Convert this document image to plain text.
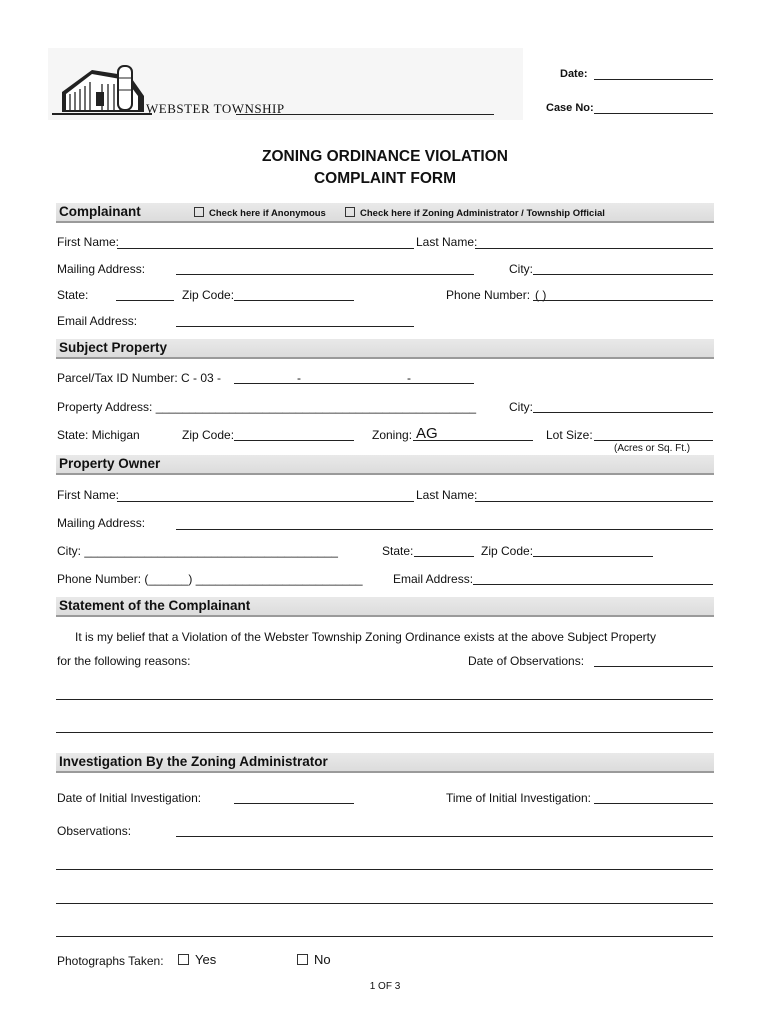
WEBSTER TOWNSHIP
Date:
Case No:
ZONING ORDINANCE VIOLATION
COMPLAINT FORM
Complainant	Check here if Anonymous	Check here if Zoning Administrator / Township Official
First Name:	Last Name:
Mailing Address:	City:
State:	Zip Code:	Phone Number: ( )
Email Address:
Subject Property
Parcel/Tax ID Number: C - 03 -	-	-
Property Address: ________________________________________________	City:
State: Michigan	Zip Code:	Zoning: AG	Lot Size:
(Acres or Sq. Ft.)
Property Owner
First Name:	Last Name:
Mailing Address:
City: ______________________________________	State:	Zip Code:
Phone Number: (______) _________________________	Email Address:
Statement of the Complainant
It is my belief that a Violation of the Webster Township Zoning Ordinance exists at the above Subject Property
for the following reasons:	Date of Observations:
Investigation By the Zoning Administrator
Date of Initial Investigation:	Time of Initial Investigation:
Observations:
Photographs Taken:	Yes	No
1 OF 3
